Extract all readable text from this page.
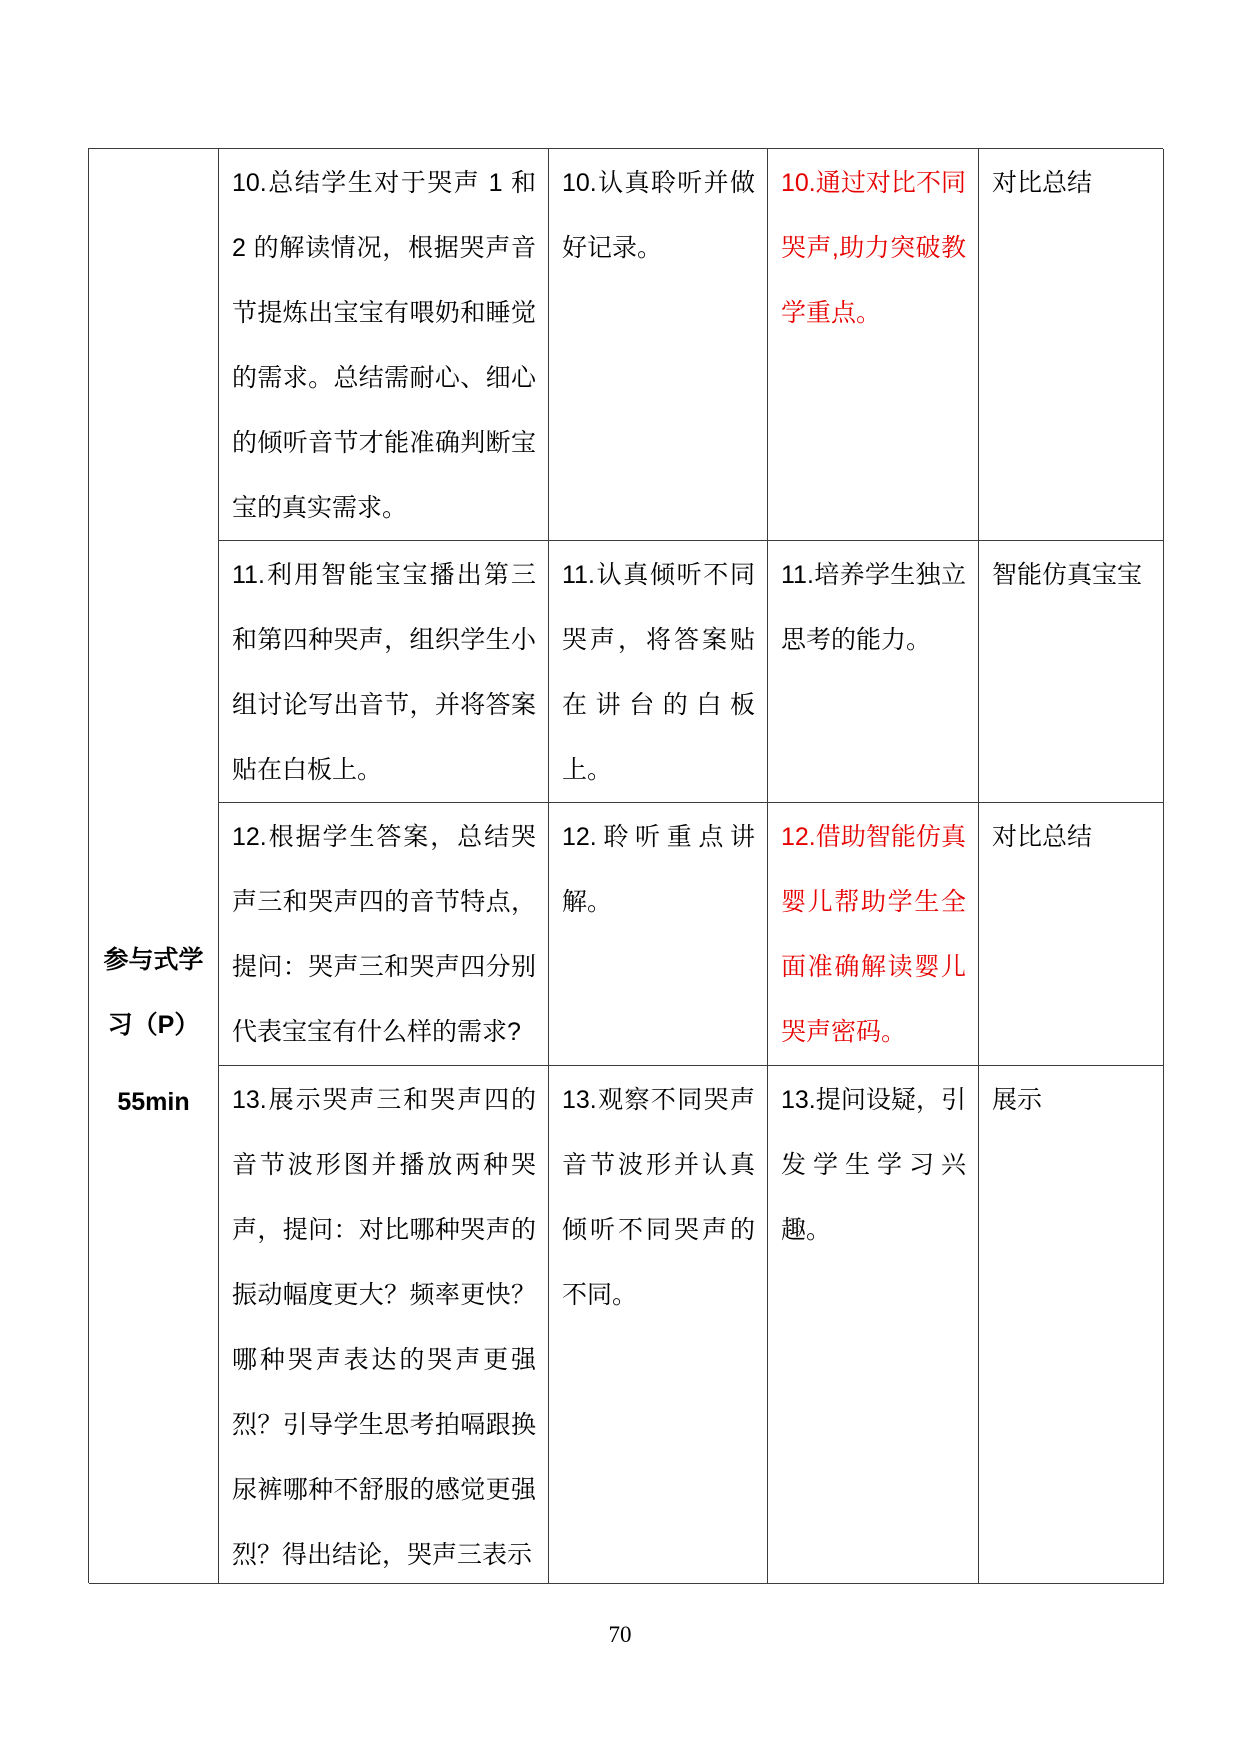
参与式学习（P）
55min
10.总结学生对于哭声 1 和 2 的解读情况，根据哭声音节提炼出宝宝有喂奶和睡觉的需求。总结需耐心、细心的倾听音节才能准确判断宝宝的真实需求。
10.认真聆听并做好记录。
10.通过对比不同哭声,助力突破教学重点。
对比总结
11.利用智能宝宝播出第三和第四种哭声，组织学生小组讨论写出音节，并将答案贴在白板上。
11.认真倾听不同哭声，将答案贴在讲台的白板上。
11.培养学生独立思考的能力。
智能仿真宝宝
12.根据学生答案，总结哭声三和哭声四的音节特点，提问：哭声三和哭声四分别代表宝宝有什么样的需求?
12.聆听重点讲解。
12.借助智能仿真婴儿帮助学生全面准确解读婴儿哭声密码。
对比总结
13.展示哭声三和哭声四的音节波形图并播放两种哭声，提问：对比哪种哭声的振动幅度更大？频率更快？哪种哭声表达的哭声更强烈？引导学生思考拍嗝跟换尿裤哪种不舒服的感觉更强烈？得出结论，哭声三表示
13.观察不同哭声音节波形并认真倾听不同哭声的不同。
13.提问设疑，引发学生学习兴趣。
展示
70
